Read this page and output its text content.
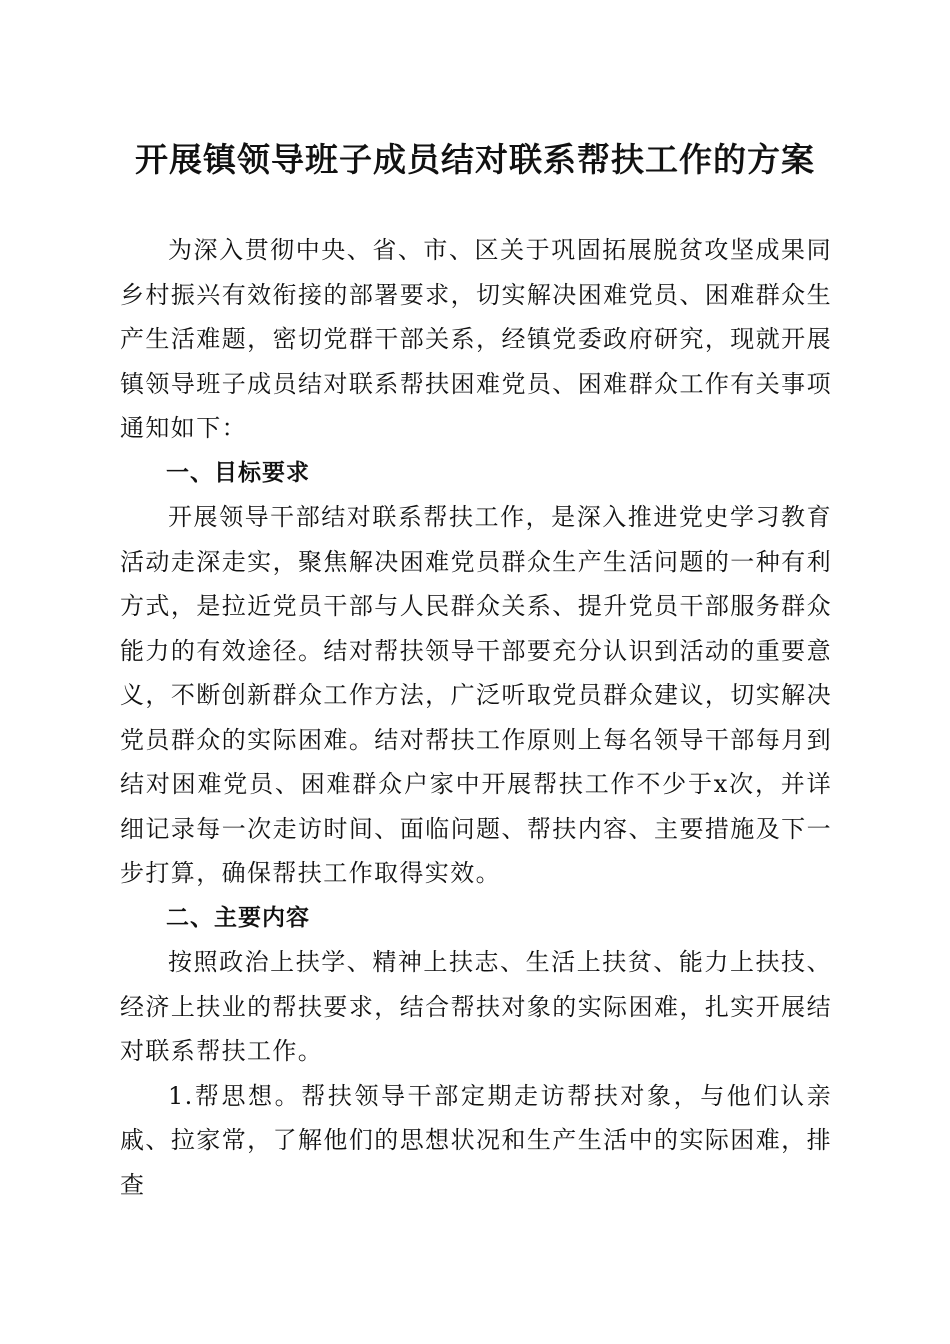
开展镇领导班子成员结对联系帮扶工作的方案

为深入贯彻中央、省、市、区关于巩固拓展脱贫攻坚成果同乡村振兴有效衔接的部署要求，切实解决困难党员、困难群众生产生活难题，密切党群干部关系，经镇党委政府研究，现就开展镇领导班子成员结对联系帮扶困难党员、困难群众工作有关事项通知如下：

一、目标要求

开展领导干部结对联系帮扶工作，是深入推进党史学习教育活动走深走实，聚焦解决困难党员群众生产生活问题的一种有利方式，是拉近党员干部与人民群众关系、提升党员干部服务群众能力的有效途径。结对帮扶领导干部要充分认识到活动的重要意义，不断创新群众工作方法，广泛听取党员群众建议，切实解决党员群众的实际困难。结对帮扶工作原则上每名领导干部每月到结对困难党员、困难群众户家中开展帮扶工作不少于x次，并详细记录每一次走访时间、面临问题、帮扶内容、主要措施及下一步打算，确保帮扶工作取得实效。

二、主要内容

按照政治上扶学、精神上扶志、生活上扶贫、能力上扶技、经济上扶业的帮扶要求，结合帮扶对象的实际困难，扎实开展结对联系帮扶工作。

1.帮思想。帮扶领导干部定期走访帮扶对象，与他们认亲戚、拉家常，了解他们的思想状况和生产生活中的实际困难，排查
